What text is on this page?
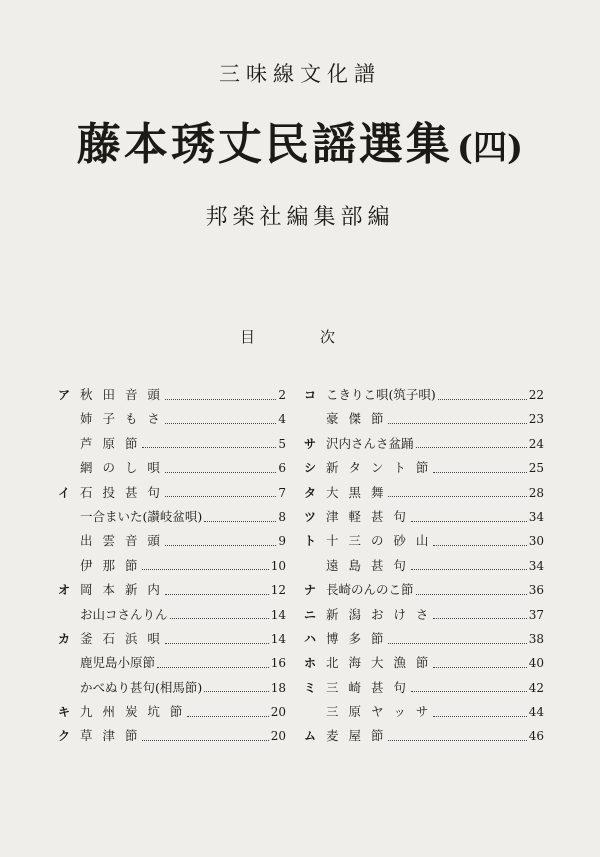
三味線文化譜
藤本琇丈民謡選集 (四)
邦楽社編集部編
目	次
ア 秋 田 音 頭	2
姉 子 も さ	4
芦 原 節	5
網 の し 唄	6
イ 石 投 甚 句	7
一合まいた(讃岐盆唄)	8
出 雲 音 頭	9
伊 那 節	10
オ 岡 本 新 内	12
お山コさんりん	14
カ 釜 石 浜 唄	14
鹿児島小原節	16
かべぬり甚句(相馬節)	18
キ 九 州 炭 坑 節	20
ク 草 津 節	20
コ こきりこ唄(筑子唄)	22
豪 傑 節	23
サ 沢内さんさ盆踊	24
シ 新 タ ン ト 節	25
タ 大 黒 舞	28
ツ 津 軽 甚 句	34
ト 十 三 の 砂 山	30
遠 島 甚 句	34
ナ 長崎のんのこ節	36
ニ 新 潟 お け さ	37
ハ 博 多 節	38
ホ 北 海 大 漁 節	40
ミ 三 崎 甚 句	42
三 原 ヤ ッ サ	44
ム 麦 屋 節	46
